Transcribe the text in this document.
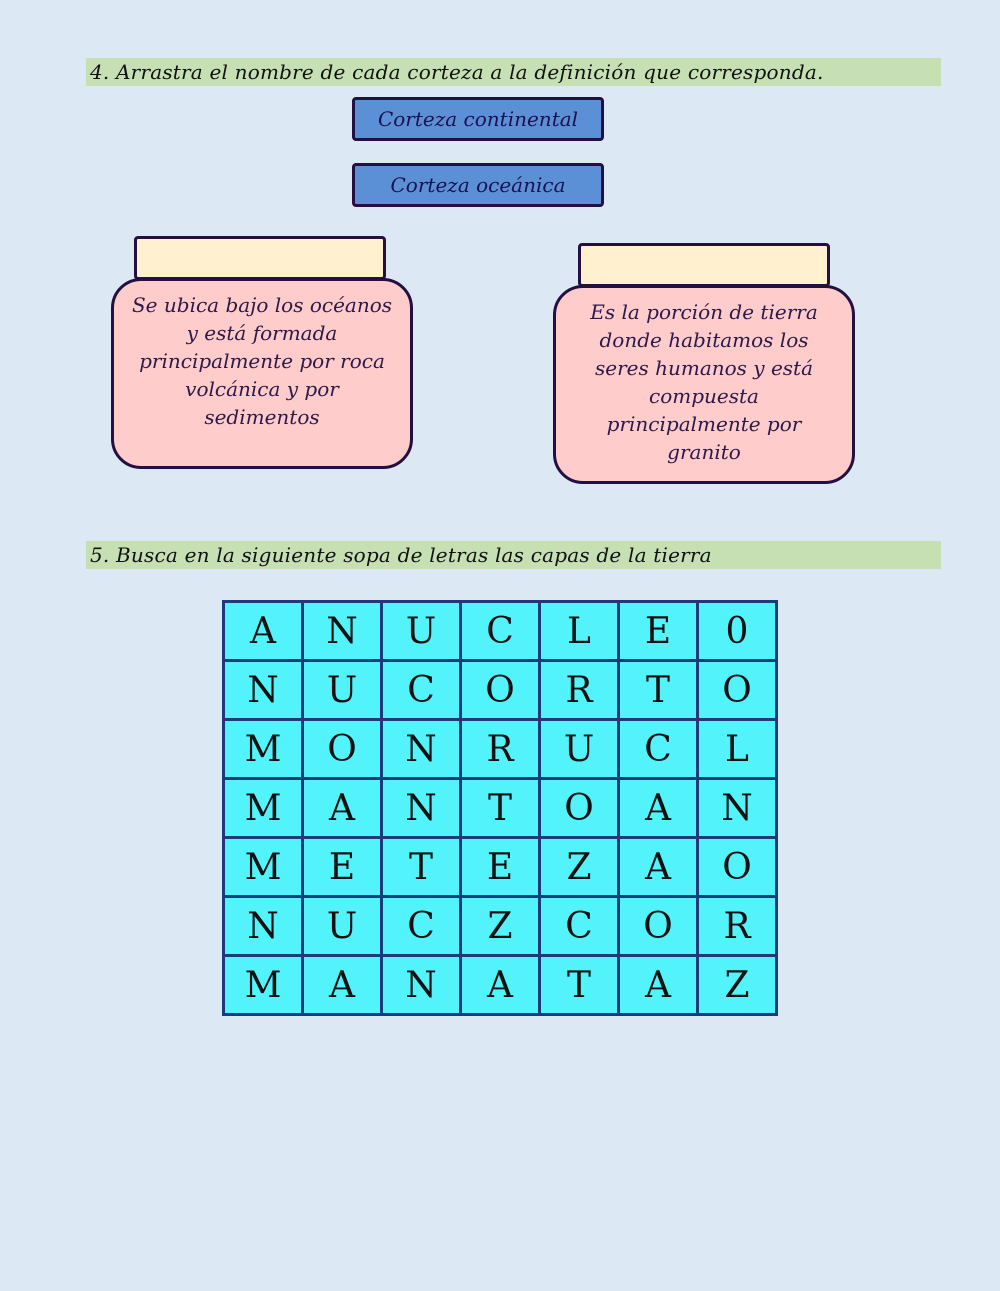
4. Arrastra el nombre de cada corteza a la definición que corresponda.
Corteza continental
Corteza oceánica
Se ubica bajo los océanos y está formada principalmente por roca volcánica y por sedimentos
Es la porción de tierra donde habitamos los seres humanos y está compuesta principalmente por granito
5. Busca en la siguiente sopa de letras las capas de la tierra
A	N	U	C	L	E	0
N	U	C	O	R	T	O
M	O	N	R	U	C	L
M	A	N	T	O	A	N
M	E	T	E	Z	A	O
N	U	C	Z	C	O	R
M	A	N	A	T	A	Z
